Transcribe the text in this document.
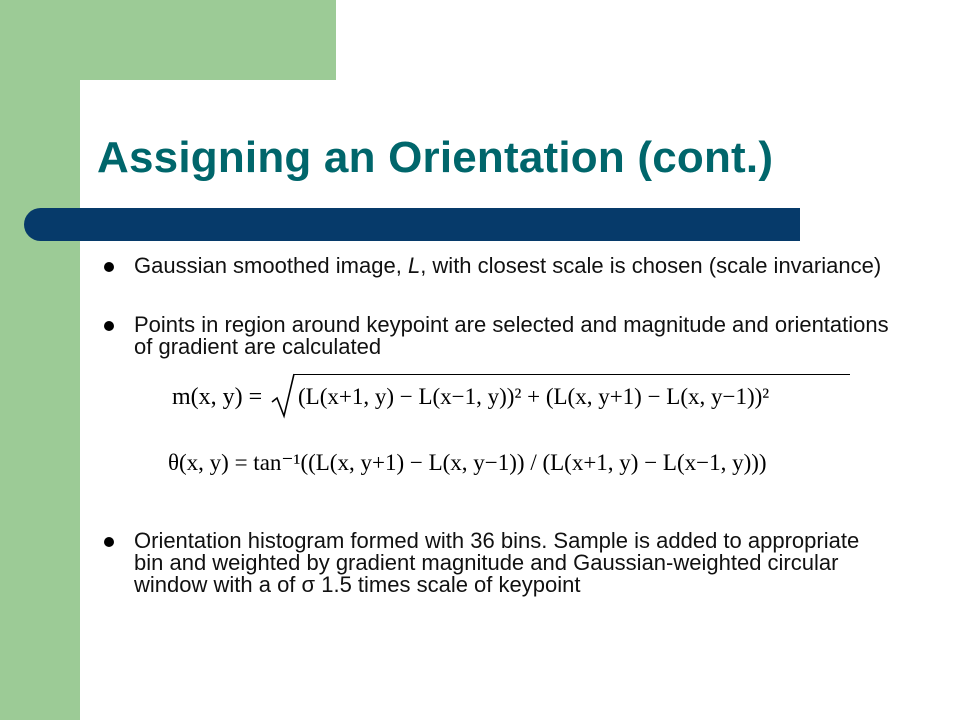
Assigning an Orientation (cont.)
Gaussian smoothed image, L, with closest scale is chosen (scale invariance)
Points in region around keypoint are selected and magnitude and orientations of gradient are calculated
Orientation histogram formed with 36 bins. Sample is added to appropriate bin and weighted by gradient magnitude and Gaussian-weighted circular window with a of σ 1.5 times scale of keypoint
m(x, y) = (L(x+1, y) − L(x−1, y))² + (L(x, y+1) − L(x, y−1))²
θ(x, y) = tan⁻¹((L(x, y+1) − L(x, y−1)) / (L(x+1, y) − L(x−1, y)))
